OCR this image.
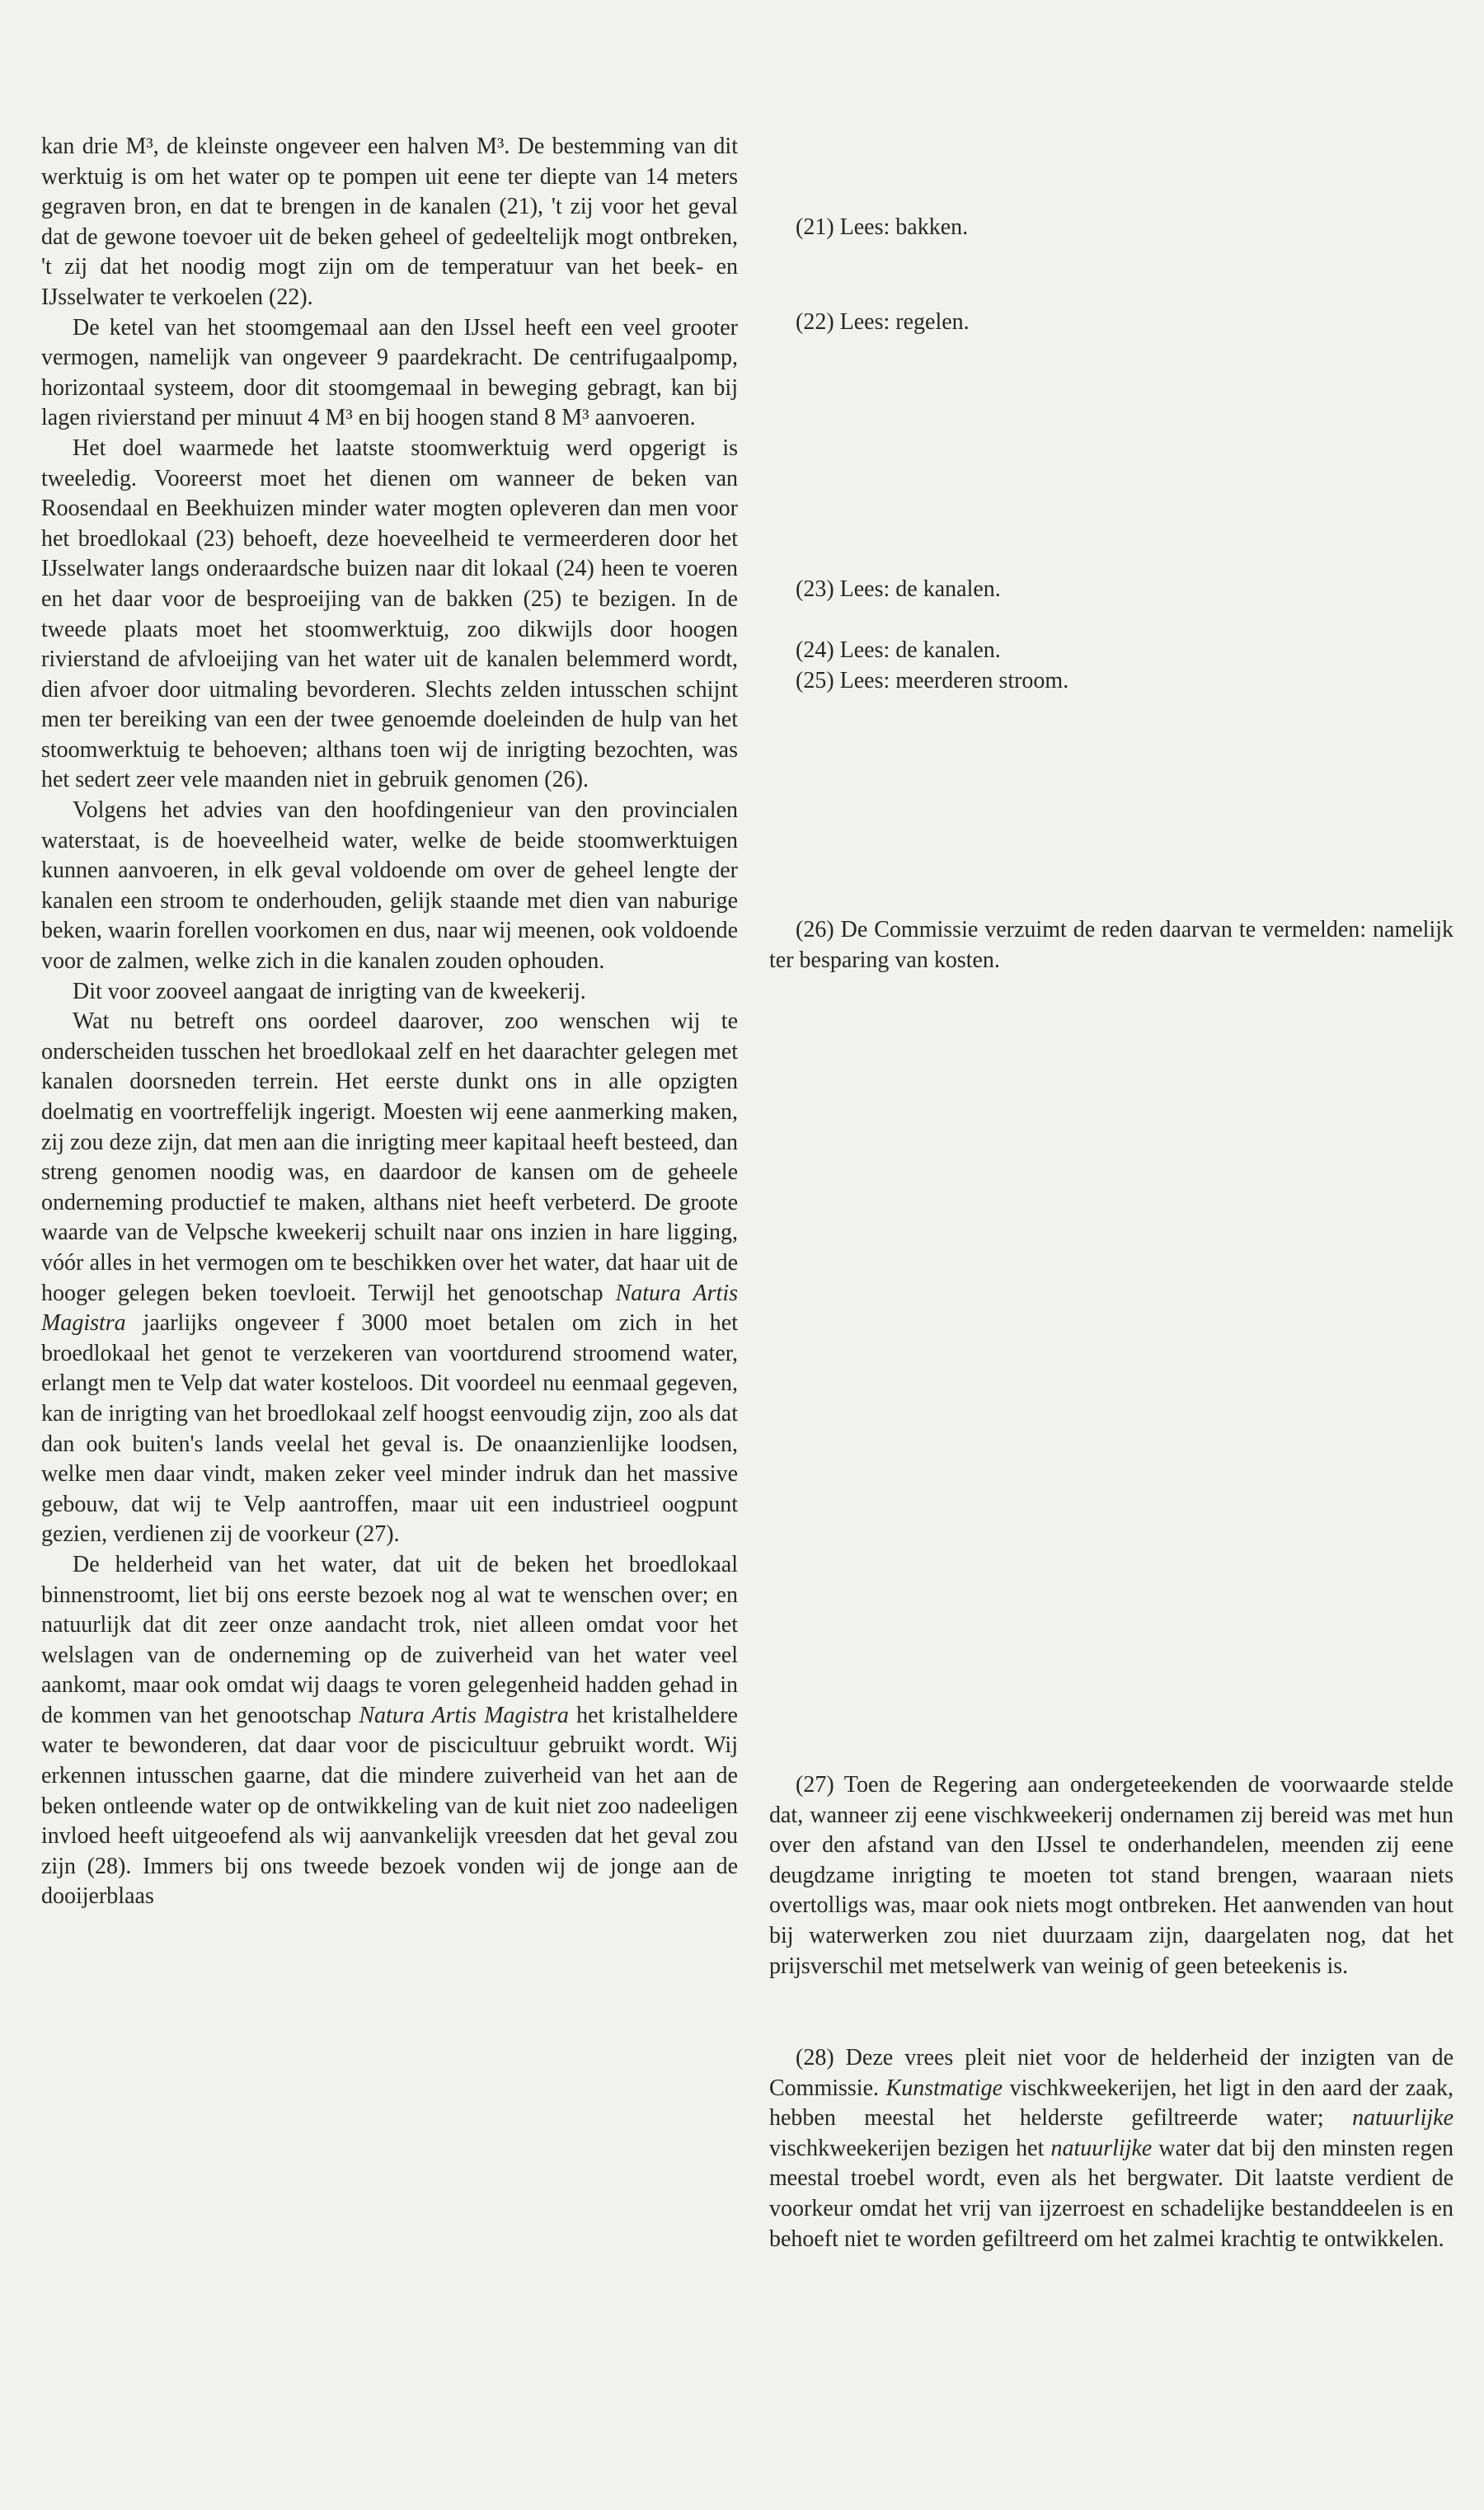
kan drie M³, de kleinste ongeveer een halven M³. De bestemming van dit werktuig is om het water op te pompen uit eene ter diepte van 14 meters gegraven bron, en dat te brengen in de kanalen (21), 't zij voor het geval dat de gewone toevoer uit de beken geheel of gedeeltelijk mogt ontbreken, 't zij dat het noodig mogt zijn om de temperatuur van het beek- en IJsselwater te verkoelen (22).

De ketel van het stoomgemaal aan den IJssel heeft een veel grooter vermogen, namelijk van ongeveer 9 paardekracht. De centrifugaalpomp, horizontaal systeem, door dit stoomgemaal in beweging gebragt, kan bij lagen rivierstand per minuut 4 M³ en bij hoogen stand 8 M³ aanvoeren.

Het doel waarmede het laatste stoomwerktuig werd opgerigt is tweeledig. Vooreerst moet het dienen om wanneer de beken van Roosendaal en Beekhuizen minder water mogten opleveren dan men voor het broedlokaal (23) behoeft, deze hoeveelheid te vermeerderen door het IJsselwater langs onderaardsche buizen naar dit lokaal (24) heen te voeren en het daar voor de besproeijing van de bakken (25) te bezigen. In de tweede plaats moet het stoomwerktuig, zoo dikwijls door hoogen rivierstand de afvloeijing van het water uit de kanalen belemmerd wordt, dien afvoer door uitmaling bevorderen. Slechts zelden intusschen schijnt men ter bereiking van een der twee genoemde doeleinden de hulp van het stoomwerktuig te behoeven; althans toen wij de inrigting bezochten, was het sedert zeer vele maanden niet in gebruik genomen (26).

Volgens het advies van den hoofdingenieur van den provincialen waterstaat, is de hoeveelheid water, welke de beide stoomwerktuigen kunnen aanvoeren, in elk geval voldoende om over de geheel lengte der kanalen een stroom te onderhouden, gelijk staande met dien van naburige beken, waarin forellen voorkomen en dus, naar wij meenen, ook voldoende voor de zalmen, welke zich in die kanalen zouden ophouden.

Dit voor zooveel aangaat de inrigting van de kweekerij.

Wat nu betreft ons oordeel daarover, zoo wenschen wij te onderscheiden tusschen het broedlokaal zelf en het daarachter gelegen met kanalen doorsneden terrein. Het eerste dunkt ons in alle opzigten doelmatig en voortreffelijk ingerigt. Moesten wij eene aanmerking maken, zij zou deze zijn, dat men aan die inrigting meer kapitaal heeft besteed, dan streng genomen noodig was, en daardoor de kansen om de geheele onderneming productief te maken, althans niet heeft verbeterd. De groote waarde van de Velpsche kweekerij schuilt naar ons inzien in hare ligging, vóór alles in het vermogen om te beschikken over het water, dat haar uit de hooger gelegen beken toevloeit. Terwijl het genootschap Natura Artis Magistra jaarlijks ongeveer f 3000 moet betalen om zich in het broedlokaal het genot te verzekeren van voortdurend stroomend water, erlangt men te Velp dat water kosteloos. Dit voordeel nu eenmaal gegeven, kan de inrigting van het broedlokaal zelf hoogst eenvoudig zijn, zoo als dat dan ook buiten's lands veelal het geval is. De onaanzienlijke loodsen, welke men daar vindt, maken zeker veel minder indruk dan het massive gebouw, dat wij te Velp aantroffen, maar uit een industrieel oogpunt gezien, verdienen zij de voorkeur (27).

De helderheid van het water, dat uit de beken het broedlokaal binnenstroomt, liet bij ons eerste bezoek nog al wat te wenschen over; en natuurlijk dat dit zeer onze aandacht trok, niet alleen omdat voor het welslagen van de onderneming op de zuiverheid van het water veel aankomt, maar ook omdat wij daags te voren gelegenheid hadden gehad in de kommen van het genootschap Natura Artis Magistra het kristalheldere water te bewonderen, dat daar voor de piscicultuur gebruikt wordt. Wij erkennen intusschen gaarne, dat die mindere zuiverheid van het aan de beken ontleende water op de ontwikkeling van de kuit niet zoo nadeeligen invloed heeft uitgeoefend als wij aanvankelijk vreesden dat het geval zou zijn (28). Immers bij ons tweede bezoek vonden wij de jonge aan de dooijerblaas

(21) Lees: bakken.

(22) Lees: regelen.

(23) Lees: de kanalen.

(24) Lees: de kanalen.

(25) Lees: meerderen stroom.

(26) De Commissie verzuimt de reden daarvan te vermelden: namelijk ter besparing van kosten.

(27) Toen de Regering aan ondergeteekenden de voorwaarde stelde dat, wanneer zij eene vischkweekerij ondernamen zij bereid was met hun over den afstand van den IJssel te onderhandelen, meenden zij eene deugdzame inrigting te moeten tot stand brengen, waaraan niets overtolligs was, maar ook niets mogt ontbreken. Het aanwenden van hout bij waterwerken zou niet duurzaam zijn, daargelaten nog, dat het prijsverschil met metselwerk van weinig of geen beteekenis is.

(28) Deze vrees pleit niet voor de helderheid der inzigten van de Commissie. Kunstmatige vischkweekerijen, het ligt in den aard der zaak, hebben meestal het helderste gefiltreerde water; natuurlijke vischkweekerijen bezigen het natuurlijke water dat bij den minsten regen meestal troebel wordt, even als het bergwater. Dit laatste verdient de voorkeur omdat het vrij van ijzerroest en schadelijke bestanddeelen is en behoeft niet te worden gefiltreerd om het zalmei krachtig te ontwikkelen.
